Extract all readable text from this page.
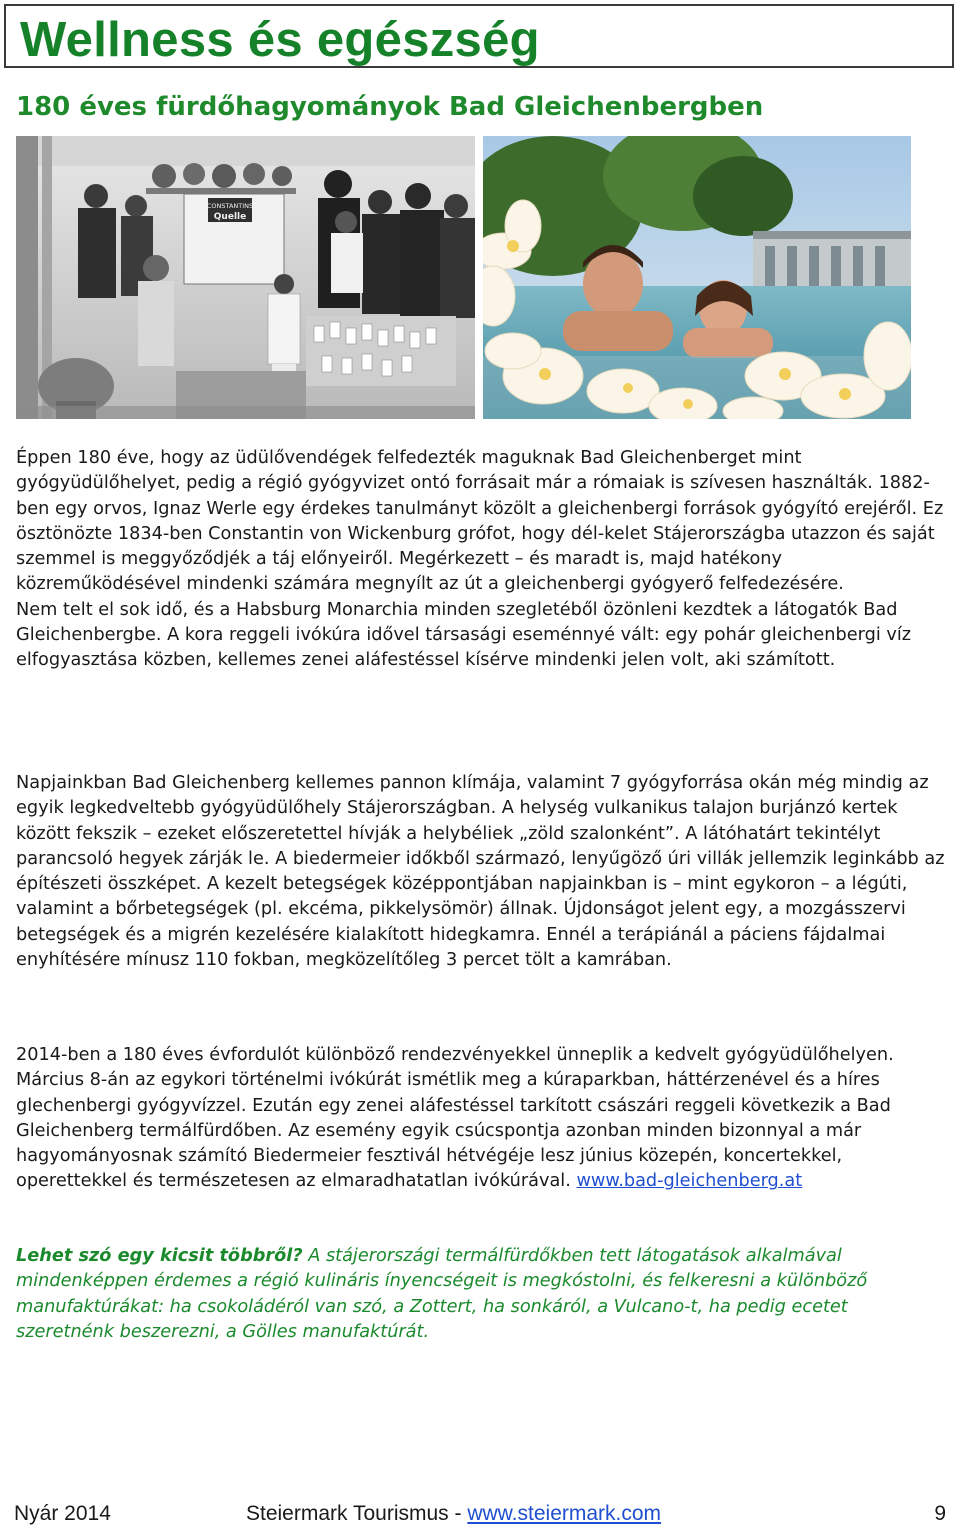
Wellness és egészség
180 éves fürdőhagyományok Bad Gleichenbergben
CONSTANTINS
Quelle

Éppen 180 éve, hogy az üdülővendégek felfedezték maguknak Bad Gleichenberget mint gyógyüdülőhelyet, pedig a régió gyógyvizet ontó forrásait már a rómaiak is szívesen használták. 1882-ben egy orvos, Ignaz Werle egy érdekes tanulmányt közölt a gleichenbergi források gyógyító erejéről. Ez ösztönözte 1834-ben Constantin von Wickenburg grófot, hogy dél-kelet Stájerországba utazzon és saját szemmel is meggyőződjék a táj előnyeiről. Megérkezett – és maradt is, majd hatékony közreműködésével mindenki számára megnyílt az út a gleichenbergi gyógyerő felfedezésére.

Nem telt el sok idő, és a Habsburg Monarchia minden szegletéből özönleni kezdtek a látogatók Bad Gleichenbergbe. A kora reggeli ivókúra idővel társasági eseménnyé vált: egy pohár gleichenbergi víz elfogyasztása közben, kellemes zenei aláfestéssel kísérve mindenki jelen volt, aki számított.

Napjainkban Bad Gleichenberg kellemes pannon klímája, valamint 7 gyógyforrása okán még mindig az egyik legkedveltebb gyógyüdülőhely Stájerországban. A helység vulkanikus talajon burjánzó kertek között fekszik – ezeket előszeretettel hívják a helybéliek „zöld szalonként”. A látóhatárt tekintélyt parancsoló hegyek zárják le. A biedermeier időkből származó, lenyűgöző úri villák jellemzik leginkább az építészeti összképet. A kezelt betegségek középpontjában napjainkban is – mint egykoron – a légúti, valamint a bőrbetegségek (pl. ekcéma, pikkelysömör) állnak. Újdonságot jelent egy, a mozgásszervi betegségek és a migrén kezelésére kialakított hidegkamra. Ennél a terápiánál a páciens fájdalmai enyhítésére mínusz 110 fokban, megközelítőleg 3 percet tölt a kamrában.

2014-ben a 180 éves évfordulót különböző rendezvényekkel ünneplik a kedvelt gyógyüdülőhelyen. Március 8-án az egykori történelmi ivókúrát ismétlik meg a kúraparkban, háttérzenével és a híres glechenbergi gyógyvízzel. Ezután egy zenei aláfestéssel tarkított császári reggeli következik a Bad Gleichenberg termálfürdőben. Az esemény egyik csúcspontja azonban minden bizonnyal a már hagyományosnak számító Biedermeier fesztivál hétvégéje lesz június közepén, koncertekkel, operettekkel és természetesen az elmaradhatatlan ivókúrával. www.bad-gleichenberg.at

Lehet szó egy kicsit többről? A stájerországi termálfürdőkben tett látogatások alkalmával mindenképpen érdemes a régió kulináris ínyencségeit is megkóstolni, és felkeresni a különböző manufaktúrákat: ha csokoládéról van szó, a Zottert, ha sonkáról, a Vulcano-t, ha pedig ecetet szeretnénk beszerezni, a Gölles manufaktúrát.

Nyár 2014	Steiermark Tourismus - www.steiermark.com	9
